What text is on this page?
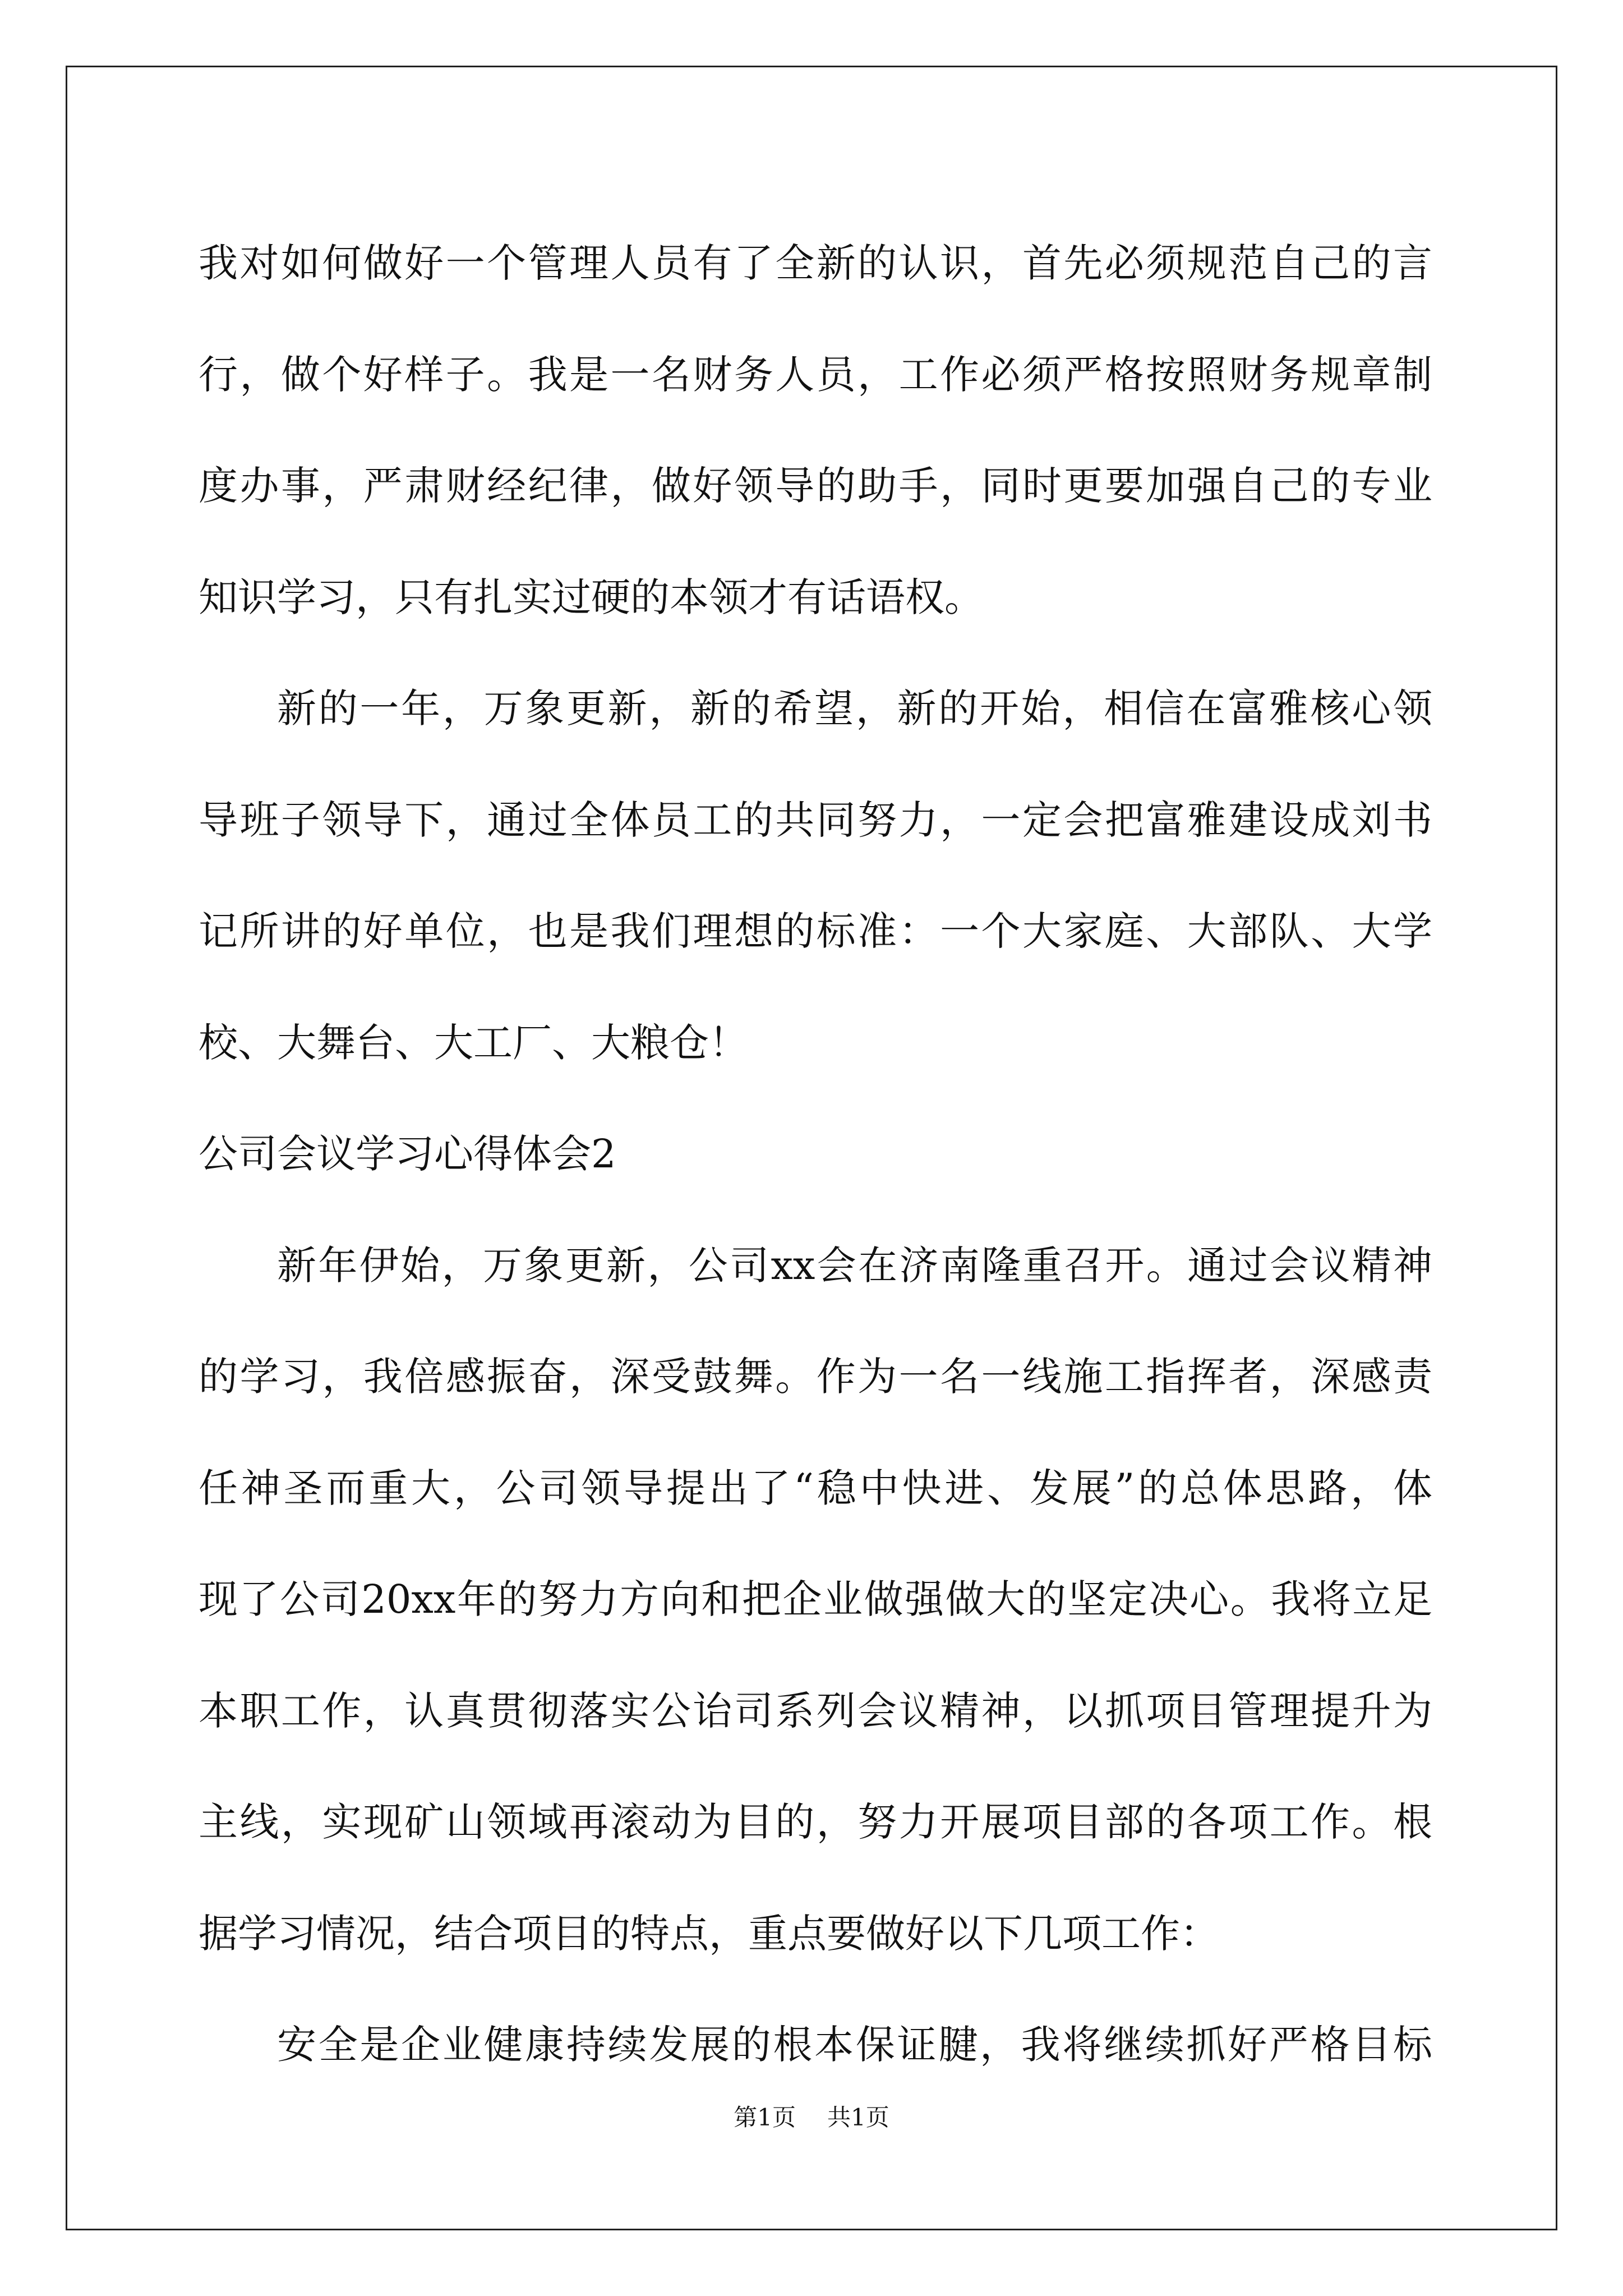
我对如何做好一个管理人员有了全新的认识，首先必须规范自己的言
行，做个好样子。我是一名财务人员，工作必须严格按照财务规章制
度办事，严肃财经纪律，做好领导的助手，同时更要加强自己的专业
知识学习，只有扎实过硬的本领才有话语权。
新的一年，万象更新，新的希望，新的开始，相信在富雅核心领
导班子领导下，通过全体员工的共同努力，一定会把富雅建设成刘书
记所讲的好单位，也是我们理想的标准：一个大家庭、大部队、大学
校、大舞台、大工厂、大粮仓！
公司会议学习心得体会2
新年伊始，万象更新，公司xx会在济南隆重召开。通过会议精神
的学习，我倍感振奋，深受鼓舞。作为一名一线施工指挥者，深感责
任神圣而重大，公司领导提出了“稳中快进、发展”的总体思路，体
现了公司20xx年的努力方向和把企业做强做大的坚定决心。我将立足
本职工作，认真贯彻落实公诒司系列会议精神，以抓项目管理提升为
主线，实现矿山领域再滚动为目的，努力开展项目部的各项工作。根
据学习情况，结合项目的特点，重点要做好以下几项工作：
安全是企业健康持续发展的根本保证腱，我将继续抓好严格目标
第1页 共1页
